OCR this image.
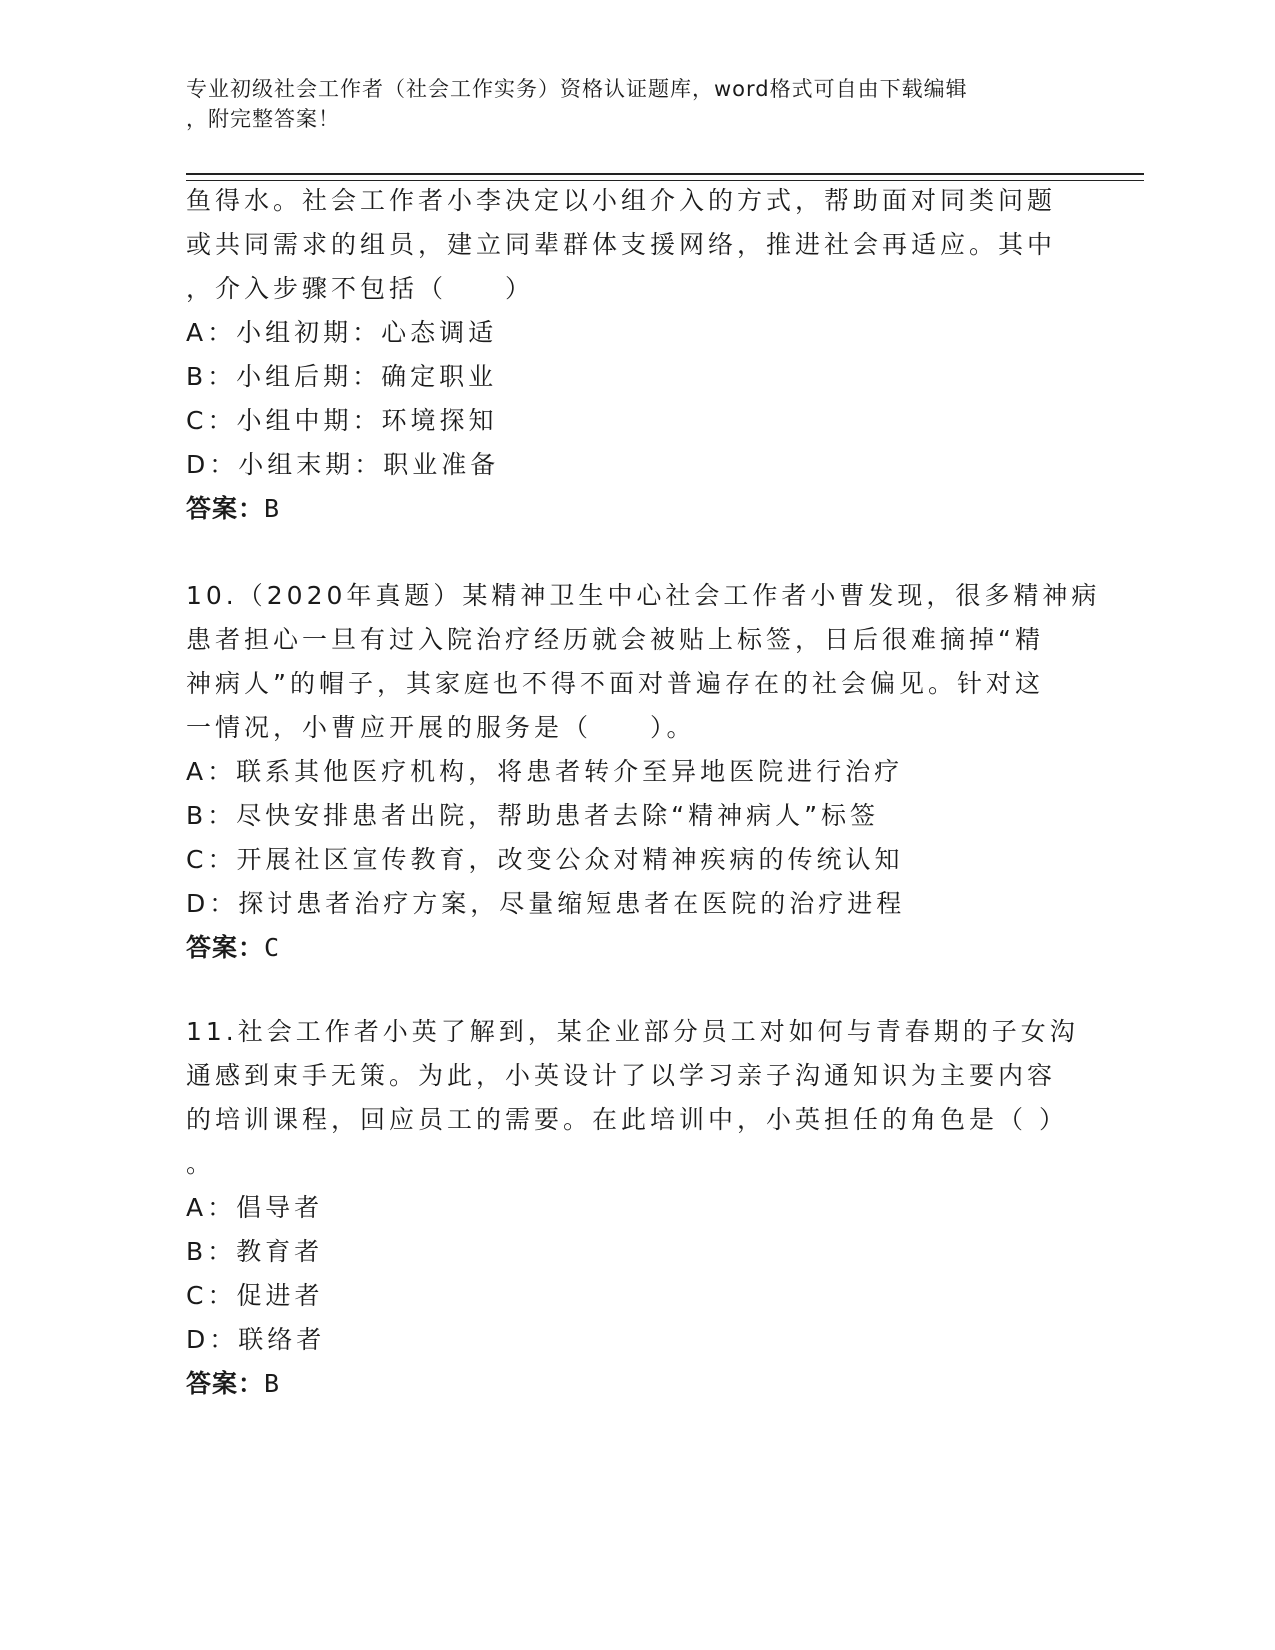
专业初级社会工作者（社会工作实务）资格认证题库，word格式可自由下载编辑
，附完整答案！
鱼得水。社会工作者小李决定以小组介入的方式，帮助面对同类问题
或共同需求的组员，建立同辈群体支援网络，推进社会再适应。其中
，介入步骤不包括（　　）
A：小组初期：心态调适
B：小组后期：确定职业
C：小组中期：环境探知
D：小组末期：职业准备
答案：B
10.（2020年真题）某精神卫生中心社会工作者小曹发现，很多精神病
患者担心一旦有过入院治疗经历就会被贴上标签，日后很难摘掉“精
神病人”的帽子，其家庭也不得不面对普遍存在的社会偏见。针对这
一情况，小曹应开展的服务是（　　）。
A：联系其他医疗机构，将患者转介至异地医院进行治疗
B：尽快安排患者出院，帮助患者去除“精神病人”标签
C：开展社区宣传教育，改变公众对精神疾病的传统认知
D：探讨患者治疗方案，尽量缩短患者在医院的治疗进程
答案：C
11.社会工作者小英了解到，某企业部分员工对如何与青春期的子女沟
通感到束手无策。为此，小英设计了以学习亲子沟通知识为主要内容
的培训课程，回应员工的需要。在此培训中，小英担任的角色是（ ）
。
A：倡导者
B：教育者
C：促进者
D：联络者
答案：B
